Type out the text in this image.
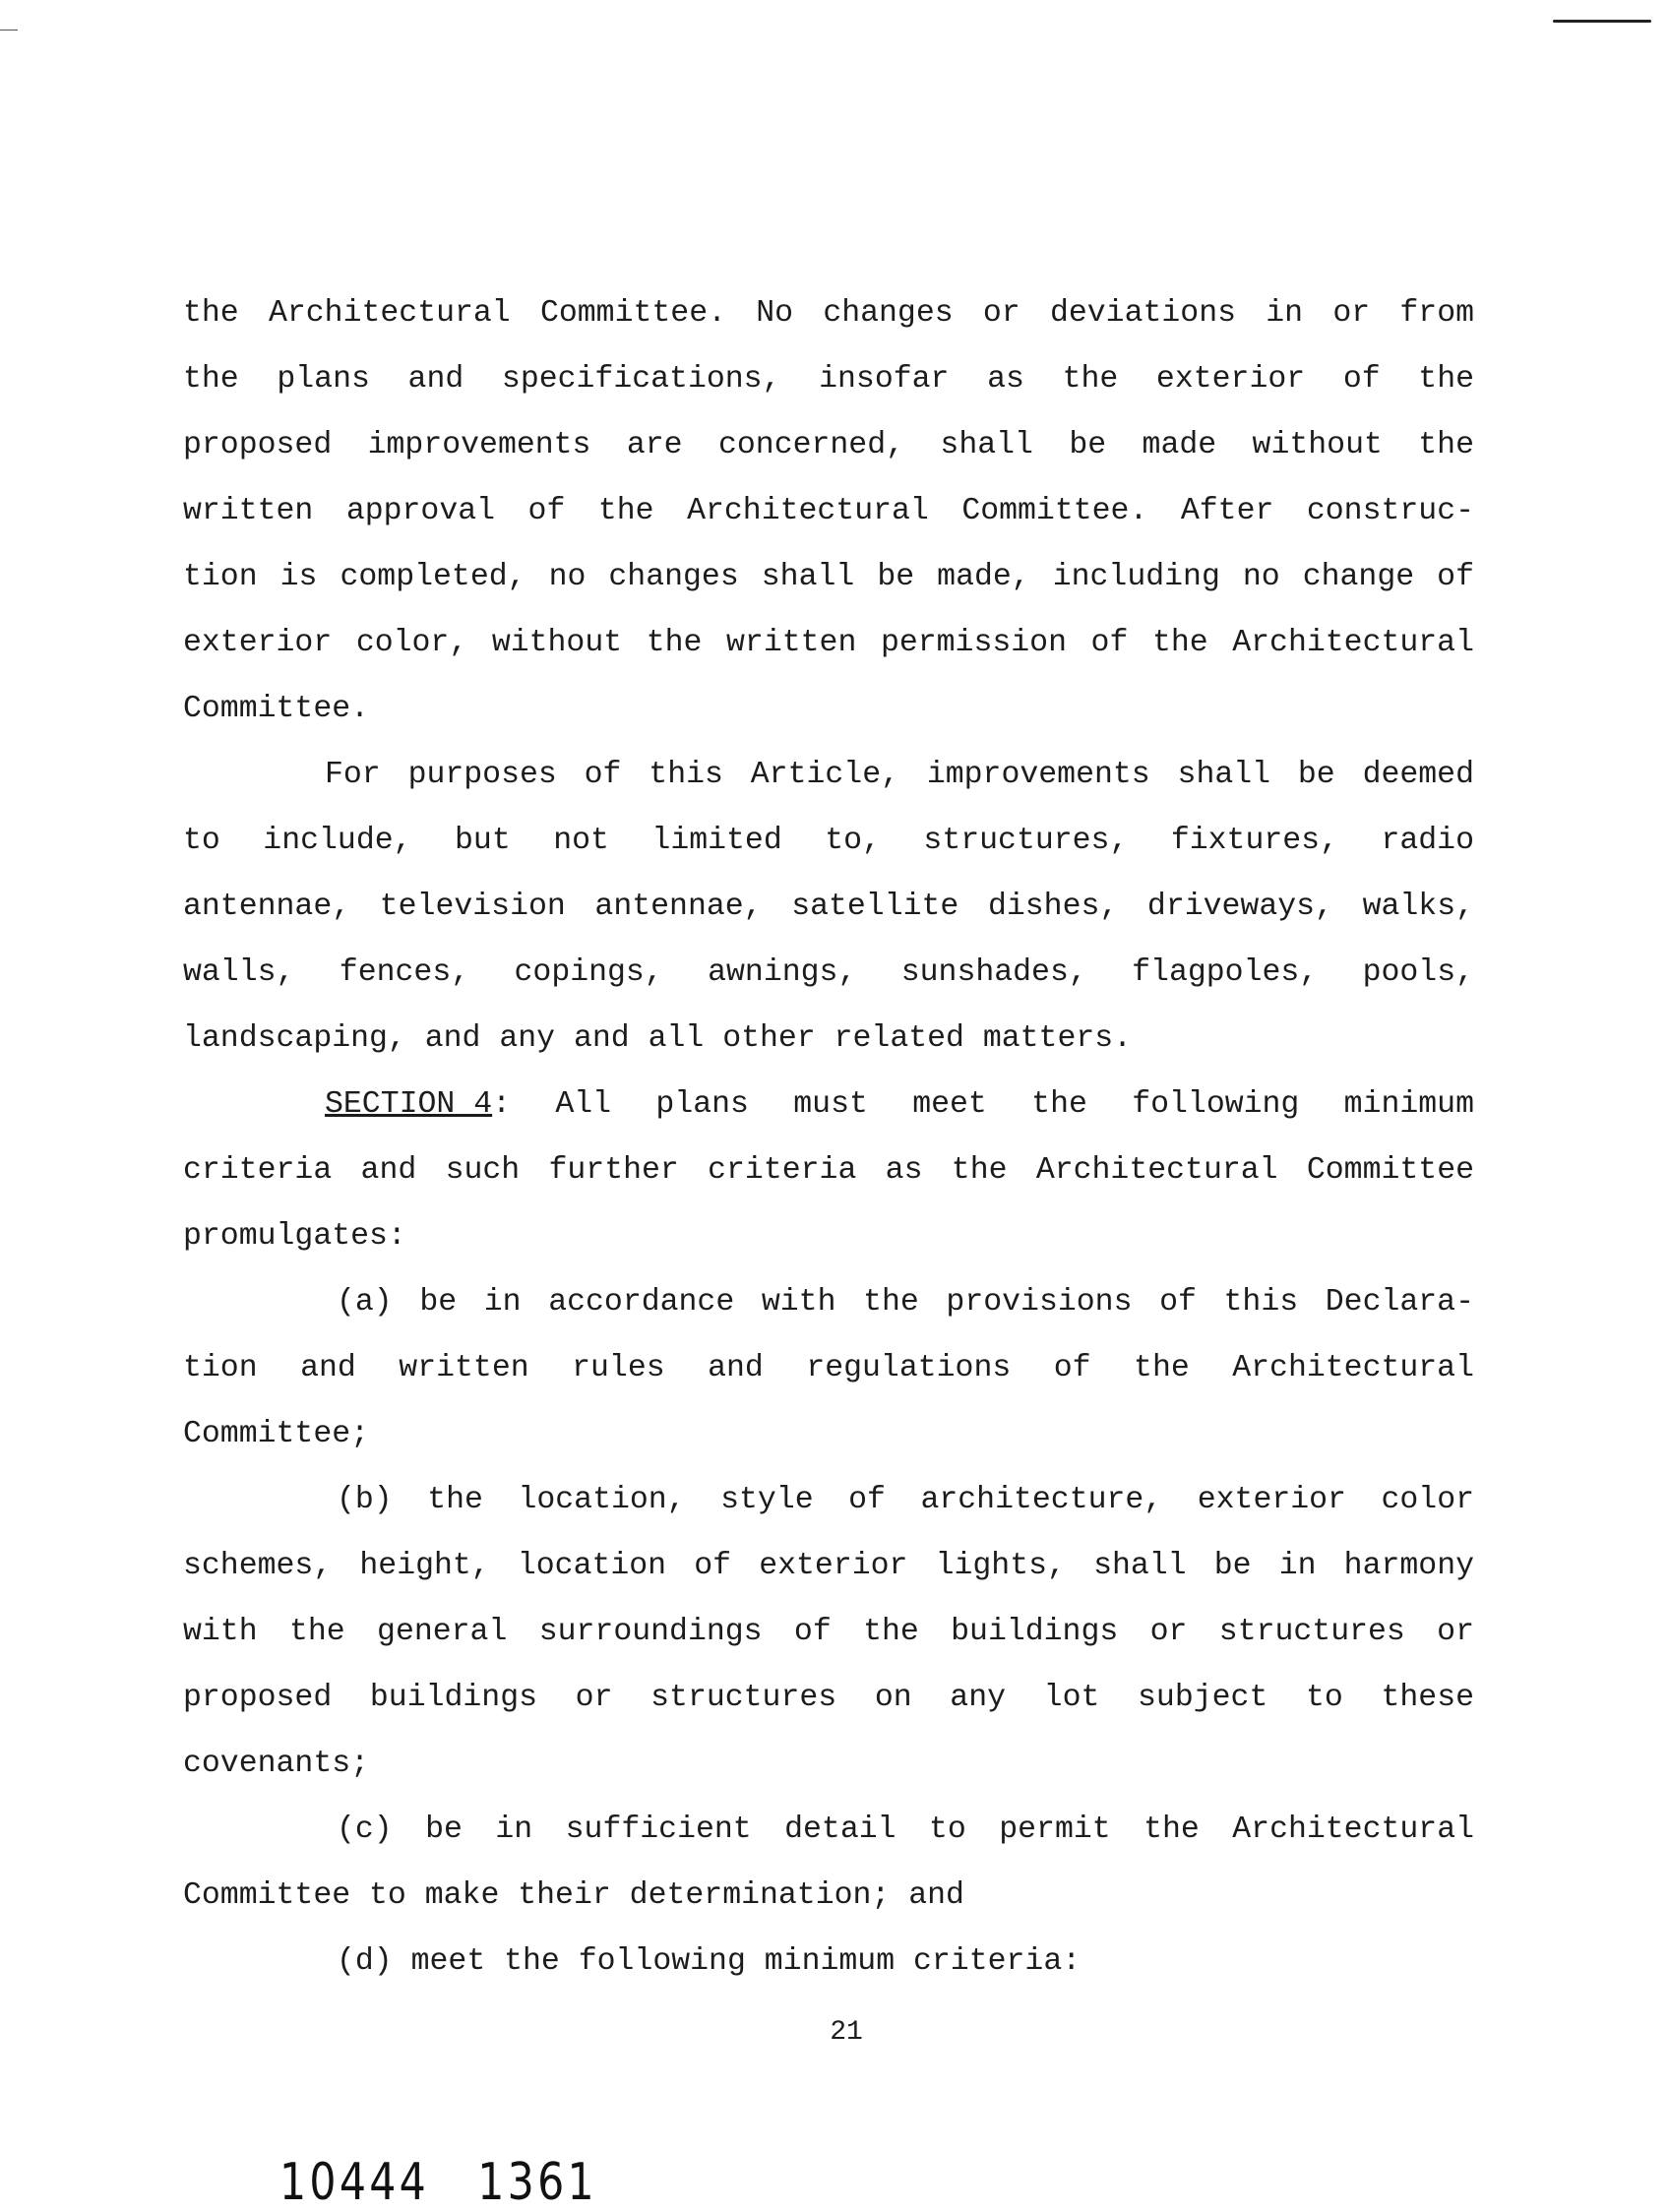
the Architectural Committee. No changes or deviations in or from
the plans and specifications, insofar as the exterior of the
proposed improvements are concerned, shall be made without the
written approval of the Architectural Committee. After construc-
tion is completed, no changes shall be made, including no change of
exterior color, without the written permission of the Architectural
Committee.
For purposes of this Article, improvements shall be deemed
to include, but not limited to, structures, fixtures, radio
antennae, television antennae, satellite dishes, driveways, walks,
walls, fences, copings, awnings, sunshades, flagpoles, pools,
landscaping, and any and all other related matters.
SECTION 4 : All plans must meet the following minimum
criteria and such further criteria as the Architectural Committee
promulgates:
(a) be in accordance with the provisions of this Declara-
tion and written rules and regulations of the Architectural
Committee;
(b) the location, style of architecture, exterior color
schemes, height, location of exterior lights, shall be in harmony
with the general surroundings of the buildings or structures or
proposed buildings or structures on any lot subject to these
covenants;
(c) be in sufficient detail to permit the Architectural
Committee to make their determination; and
(d) meet the following minimum criteria:
21
10444 1361
